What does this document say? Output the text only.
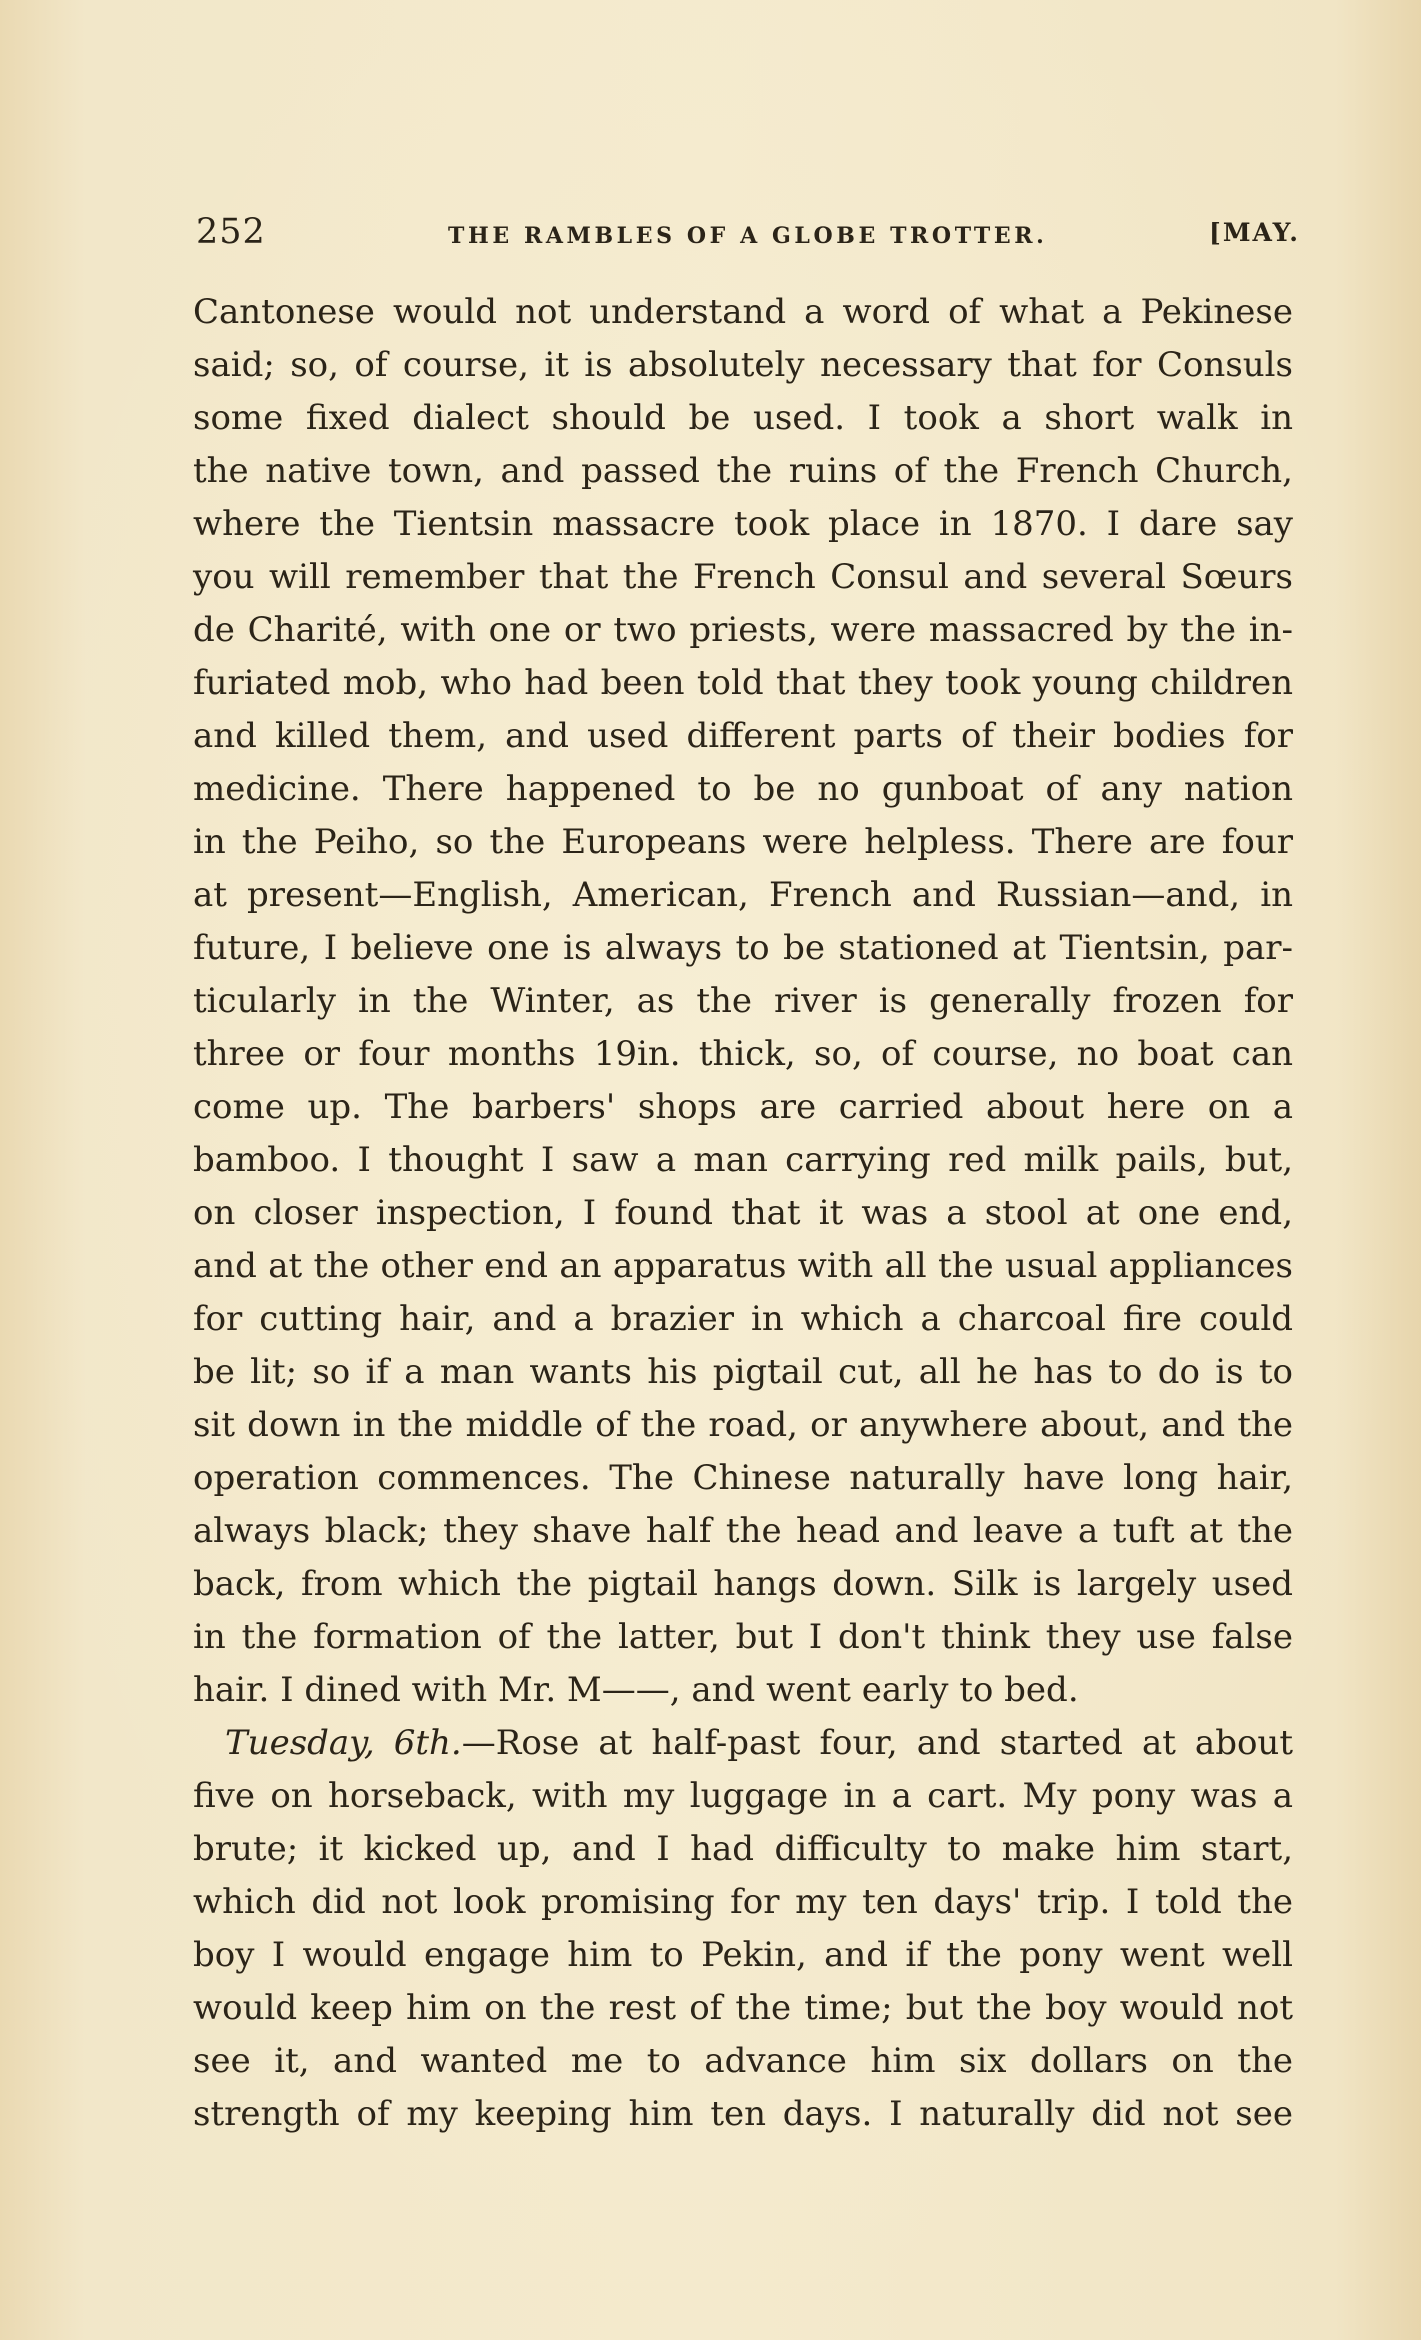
252	THE RAMBLES OF A GLOBE TROTTER.	[MAY.
Cantonese would not understand a word of what a Pekinese
said; so, of course, it is absolutely necessary that for Consuls
some fixed dialect should be used. I took a short walk in
the native town, and passed the ruins of the French Church,
where the Tientsin massacre took place in 1870. I dare say
you will remember that the French Consul and several Sœurs
de Charité, with one or two priests, were massacred by the in-
furiated mob, who had been told that they took young children
and killed them, and used different parts of their bodies for
medicine. There happened to be no gunboat of any nation
in the Peiho, so the Europeans were helpless. There are four
at present—English, American, French and Russian—and, in
future, I believe one is always to be stationed at Tientsin, par-
ticularly in the Winter, as the river is generally frozen for
three or four months 19in. thick, so, of course, no boat can
come up. The barbers' shops are carried about here on a
bamboo. I thought I saw a man carrying red milk pails, but,
on closer inspection, I found that it was a stool at one end,
and at the other end an apparatus with all the usual appliances
for cutting hair, and a brazier in which a charcoal fire could
be lit; so if a man wants his pigtail cut, all he has to do is to
sit down in the middle of the road, or anywhere about, and the
operation commences. The Chinese naturally have long hair,
always black; they shave half the head and leave a tuft at the
back, from which the pigtail hangs down. Silk is largely used
in the formation of the latter, but I don't think they use false
hair. I dined with Mr. M——, and went early to bed.
Tuesday, 6th.—Rose at half-past four, and started at about
five on horseback, with my luggage in a cart. My pony was a
brute; it kicked up, and I had difficulty to make him start,
which did not look promising for my ten days' trip. I told the
boy I would engage him to Pekin, and if the pony went well
would keep him on the rest of the time; but the boy would not
see it, and wanted me to advance him six dollars on the
strength of my keeping him ten days. I naturally did not see
